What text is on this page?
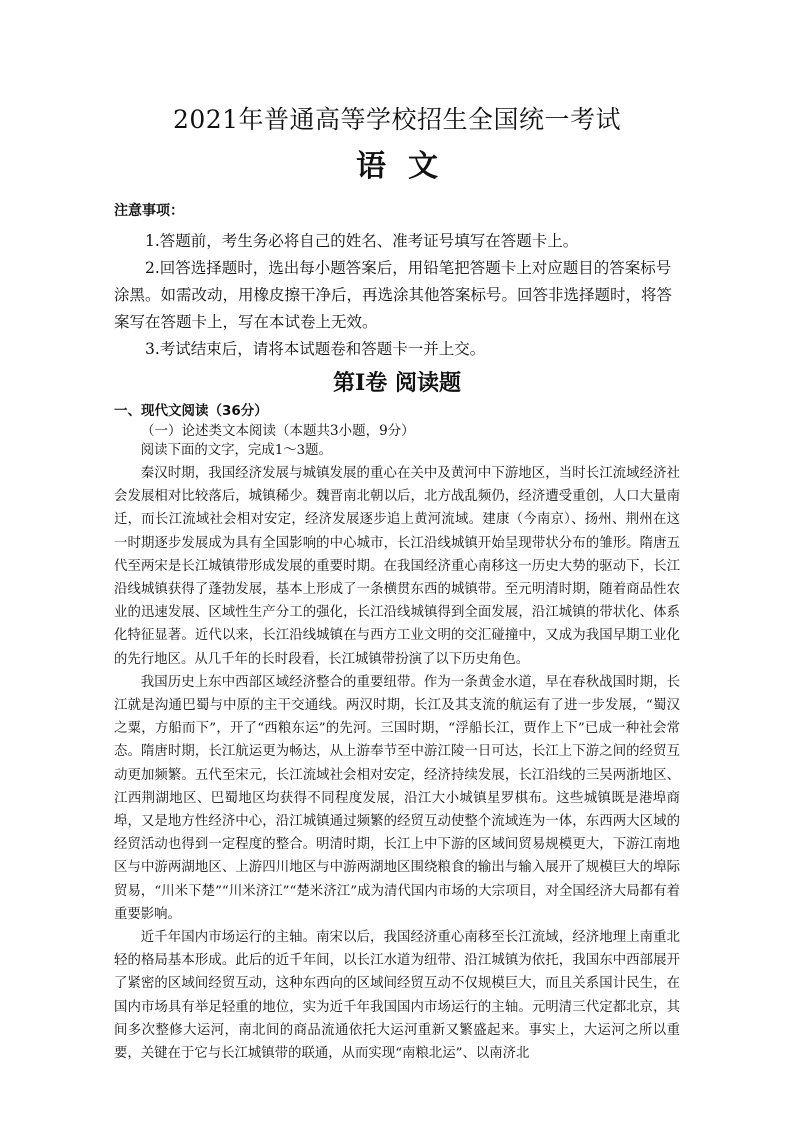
2021年普通高等学校招生全国统一考试
语文
注意事项：

1.答题前，考生务必将自己的姓名、准考证号填写在答题卡上。

2.回答选择题时，选出每小题答案后，用铅笔把答题卡上对应题目的答案标号涂黑。如需改动，用橡皮擦干净后，再选涂其他答案标号。回答非选择题时，将答案写在答题卡上，写在本试卷上无效。

3.考试结束后，请将本试题卷和答题卡一并上交。

第Ⅰ卷 阅读题
一、现代文阅读（36分）
（一）论述类文本阅读（本题共3小题，9分）

阅读下面的文字，完成1～3题。

秦汉时期，我国经济发展与城镇发展的重心在关中及黄河中下游地区，当时长江流域经济社会发展相对比较落后，城镇稀少。魏晋南北朝以后，北方战乱频仍，经济遭受重创，人口大量南迁，而长江流域社会相对安定，经济发展逐步追上黄河流域。建康（今南京）、扬州、荆州在这一时期逐步发展成为具有全国影响的中心城市，长江沿线城镇开始呈现带状分布的雏形。隋唐五代至两宋是长江城镇带形成发展的重要时期。在我国经济重心南移这一历史大势的驱动下，长江沿线城镇获得了蓬勃发展，基本上形成了一条横贯东西的城镇带。至元明清时期，随着商品性农业的迅速发展、区域性生产分工的强化，长江沿线城镇得到全面发展，沿江城镇的带状化、体系化特征显著。近代以来，长江沿线城镇在与西方工业文明的交汇碰撞中，又成为我国早期工业化的先行地区。从几千年的长时段看，长江城镇带扮演了以下历史角色。

我国历史上东中西部区域经济整合的重要纽带。作为一条黄金水道，早在春秋战国时期，长江就是沟通巴蜀与中原的主干交通线。两汉时期，长江及其支流的航运有了进一步发展，“蜀汉之粟，方船而下”，开了“西粮东运”的先河。三国时期，“浮船长江，贾作上下”已成一种社会常态。隋唐时期，长江航运更为畅达，从上游奉节至中游江陵一日可达，长江上下游之间的经贸互动更加频繁。五代至宋元，长江流域社会相对安定，经济持续发展，长江沿线的三吴两浙地区、江西荆湖地区、巴蜀地区均获得不同程度发展，沿江大小城镇星罗棋布。这些城镇既是港埠商埠，又是地方性经济中心，沿江城镇通过频繁的经贸互动使整个流域连为一体，东西两大区域的经贸活动也得到一定程度的整合。明清时期，长江上中下游的区域间贸易规模更大，下游江南地区与中游两湖地区、上游四川地区与中游两湖地区围绕粮食的输出与输入展开了规模巨大的埠际贸易，“川米下楚”“川米济江”“楚米济江”成为清代国内市场的大宗项目，对全国经济大局都有着重要影响。

近千年国内市场运行的主轴。南宋以后，我国经济重心南移至长江流域，经济地理上南重北轻的格局基本形成。此后的近千年间，以长江水道为纽带、沿江城镇为依托，我国东中西部展开了紧密的区域间经贸互动，这种东西向的区域间经贸互动不仅规模巨大，而且关系国计民生，在国内市场具有举足轻重的地位，实为近千年我国国内市场运行的主轴。元明清三代定都北京，其间多次整修大运河，南北间的商品流通依托大运河重新又繁盛起来。事实上，大运河之所以重要，关键在于它与长江城镇带的联通，从而实现“南粮北运”、以南济北
